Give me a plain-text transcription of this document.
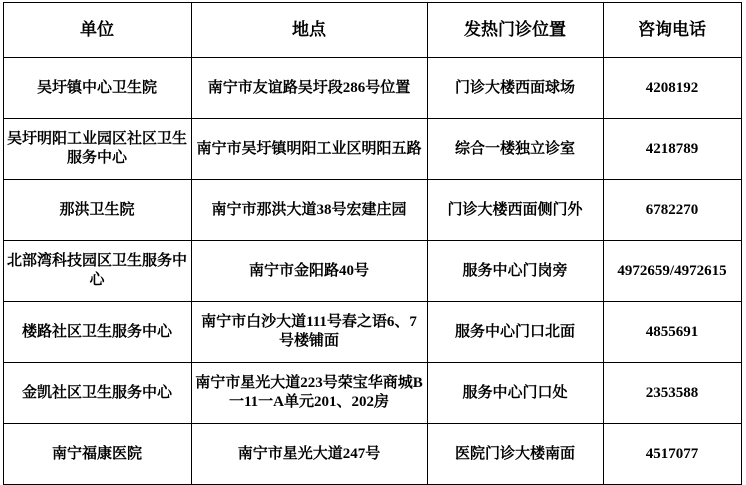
单位	地点	发热门诊位置	咨询电话
吴圩镇中心卫生院	南宁市友谊路吴圩段286号位置	门诊大楼西面球场	4208192
吴圩明阳工业园区社区卫生服务中心	南宁市吴圩镇明阳工业区明阳五路	综合一楼独立诊室	4218789
那洪卫生院	南宁市那洪大道38号宏建庄园	门诊大楼西面侧门外	6782270
北部湾科技园区卫生服务中心	南宁市金阳路40号	服务中心门岗旁	4972659/4972615
楼路社区卫生服务中心	南宁市白沙大道111号春之语6、7号楼铺面	服务中心门口北面	4855691
金凯社区卫生服务中心	南宁市星光大道223号荣宝华商城B一11一A单元201、202房	服务中心门口处	2353588
南宁福康医院	南宁市星光大道247号	医院门诊大楼南面	4517077
